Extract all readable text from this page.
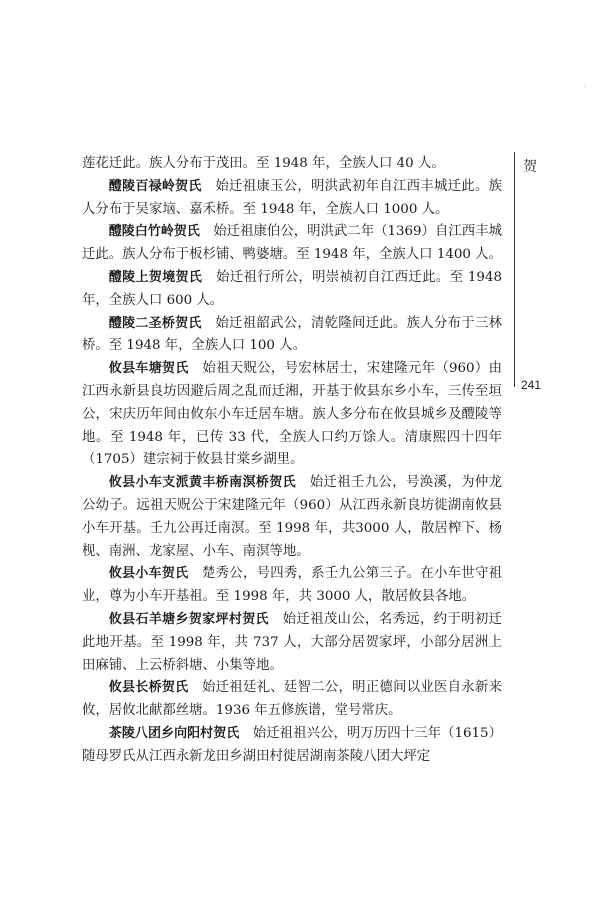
·
贺
241

莲花迁此。族人分布于茂田。至 1948 年，全族人口 40 人。

醴陵百禄岭贺氏　 始迁祖康玉公，明洪武初年自江西丰城迁此。族人分布于吴家垴、嘉禾桥。至 1948 年，全族人口 1000 人。

醴陵白竹岭贺氏　 始迁祖康伯公，明洪武二年（1369）自江西丰城迁此。族人分布于板杉铺、鸭婆塘。至 1948 年，全族人口 1400 人。

醴陵上贺境贺氏　 始迁祖行所公，明崇祯初自江西迁此。至 1948 年，全族人口 600 人。

醴陵二圣桥贺氏　 始迁祖韶武公，清乾隆间迁此。族人分布于三林桥。至 1948 年，全族人口 100 人。

攸县车塘贺氏　 始祖天贶公，号宏林居士，宋建隆元年（960）由江西永新县良坊因避后周之乱而迁湘，开基于攸县东乡小车，三传至垣公，宋庆历年间由攸东小车迁居车塘。族人多分布在攸县城乡及醴陵等地。至 1948 年，已传 33 代，全族人口约万馀人。清康熙四十四年（1705）建宗祠于攸县甘棠乡湖里。

攸县小车支派黄丰桥南溟桥贺氏　 始迁祖壬九公，号涣溪，为仲龙公幼子。远祖天贶公于宋建隆元年（960）从江西永新良坊徙湖南攸县小车开基。壬九公再迁南溟。至 1998 年，共3000 人，散居榨下、杨枧、南洲、龙家屋、小车、南溟等地。

攸县小车贺氏　 楚秀公，号四秀，系壬九公第三子。在小车世守祖业，尊为小车开基祖。至 1998 年，共 3000 人，散居攸县各地。

攸县石羊塘乡贺家坪村贺氏　 始迁祖茂山公，名秀远，约于明初迁此地开基。至 1998 年，共 737 人，大部分居贺家坪，小部分居洲上田麻铺、上云桥斜塘、小集等地。

攸县长桥贺氏　 始迁祖廷礼、廷智二公，明正德间以业医自永新来攸，居攸北献都丝塘。1936 年五修族谱，堂号常庆。

茶陵八团乡向阳村贺氏　 始迁祖祖兴公，明万历四十三年（1615）随母罗氏从江西永新龙田乡湖田村徙居湖南茶陵八团大坪定
